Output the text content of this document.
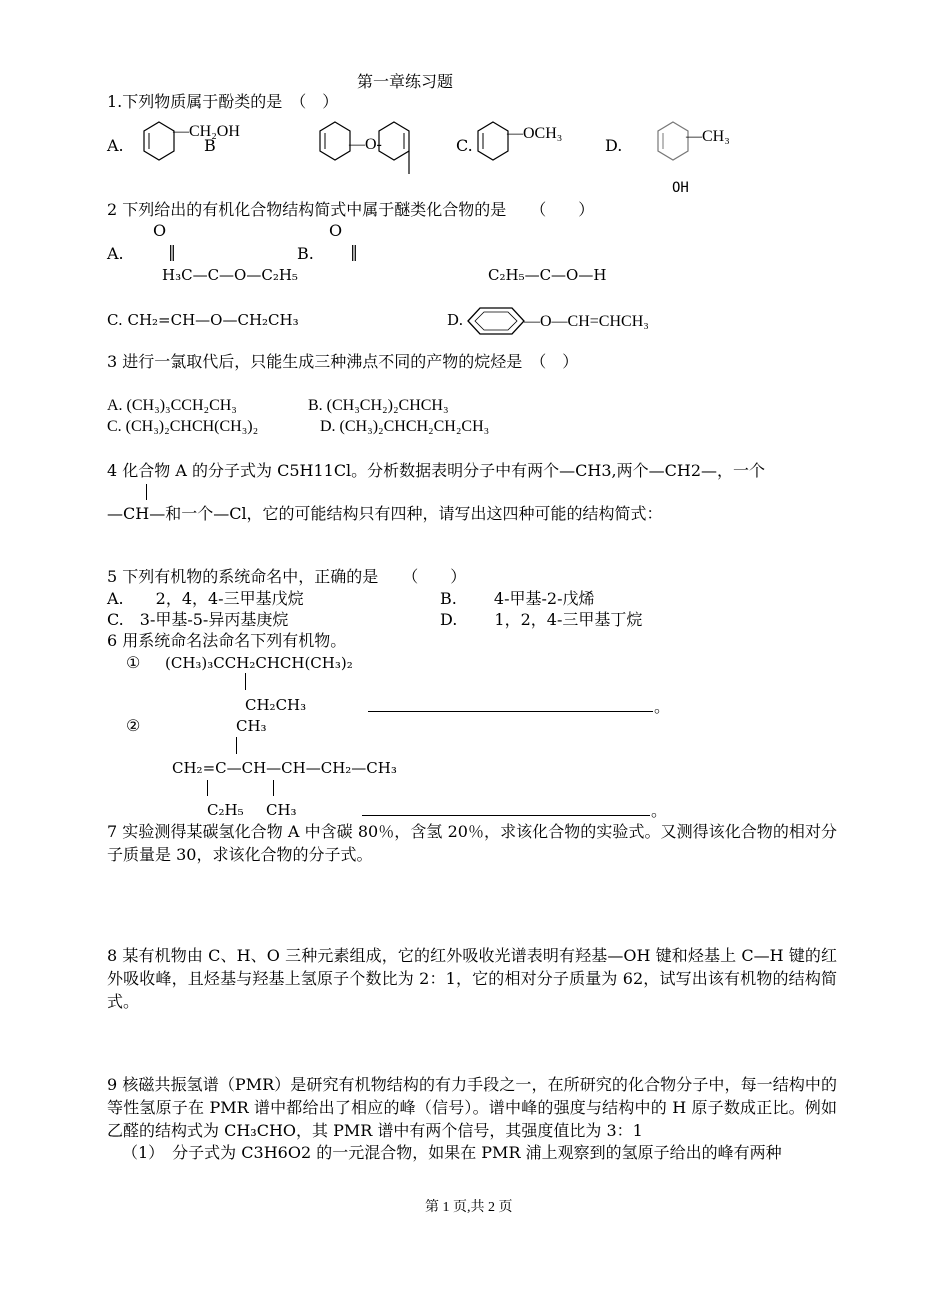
第一章练习题
1.下列物质属于酚类的是　（　）
A.
—CH₂OH
B	—O-	C.
—OCH₃
D.	—CH₃
OH
2 下列给出的有机化合物结构简式中属于醚类化合物的是　　（　　）
O	O
A.	‖	B. ‖
H₃C—C—O—C₂H₅	C₂H₅—C—O—H
C. CH₂=CH—O—CH₂CH₃	D.	—O—CH=CHCH₃
3 进行一氯取代后，只能生成三种沸点不同的产物的烷烃是　（　）
A. (CH₃)₃CCH₂CH₃	B. (CH₃CH₂)₂CHCH₃
C. (CH₃)₂CHCH(CH₃)₂	D. (CH₃)₂CHCH₂CH₂CH₃
4 化合物 A 的分子式为 C5H11Cl。分析数据表明分子中有两个—CH3,两个—CH2—，一个
—CH—和一个—Cl，它的可能结构只有四种，请写出这四种可能的结构简式：
5 下列有机物的系统命名中，正确的是　　（　　）
A.　　2，4，4-三甲基戊烷	B.　　 4-甲基-2-戊烯
C.　3-甲基-5-异丙基庚烷	D.　　 1，2，4-三甲基丁烷
6 用系统命名法命名下列有机物。
① (CH₃)₃CCH₂CHCH(CH₃)₂
CH₂CH₃	。
②	CH₃
CH₂=C—CH—CH—CH₂—CH₃
C₂H₅ CH₃	。
7 实验测得某碳氢化合物 A 中含碳 80％，含氢 20％，求该化合物的实验式。又测得该化合物的相对分子质量是 30，求该化合物的分子式。
8 某有机物由 C、H、O 三种元素组成，它的红外吸收光谱表明有羟基—OH 键和烃基上 C—H 键的红外吸收峰，且烃基与羟基上氢原子个数比为 2：1，它的相对分子质量为 62，试写出该有机物的结构简式。
9 核磁共振氢谱（PMR）是研究有机物结构的有力手段之一，在所研究的化合物分子中，每一结构中的等性氢原子在 PMR 谱中都给出了相应的峰（信号）。谱中峰的强度与结构中的 H 原子数成正比。例如乙醛的结构式为 CH₃CHO，其 PMR 谱中有两个信号，其强度值比为 3：1
（1）　分子式为 C3H6O2 的一元混合物，如果在 PMR 浦上观察到的氢原子给出的峰有两种
第 1 页,共 2 页
